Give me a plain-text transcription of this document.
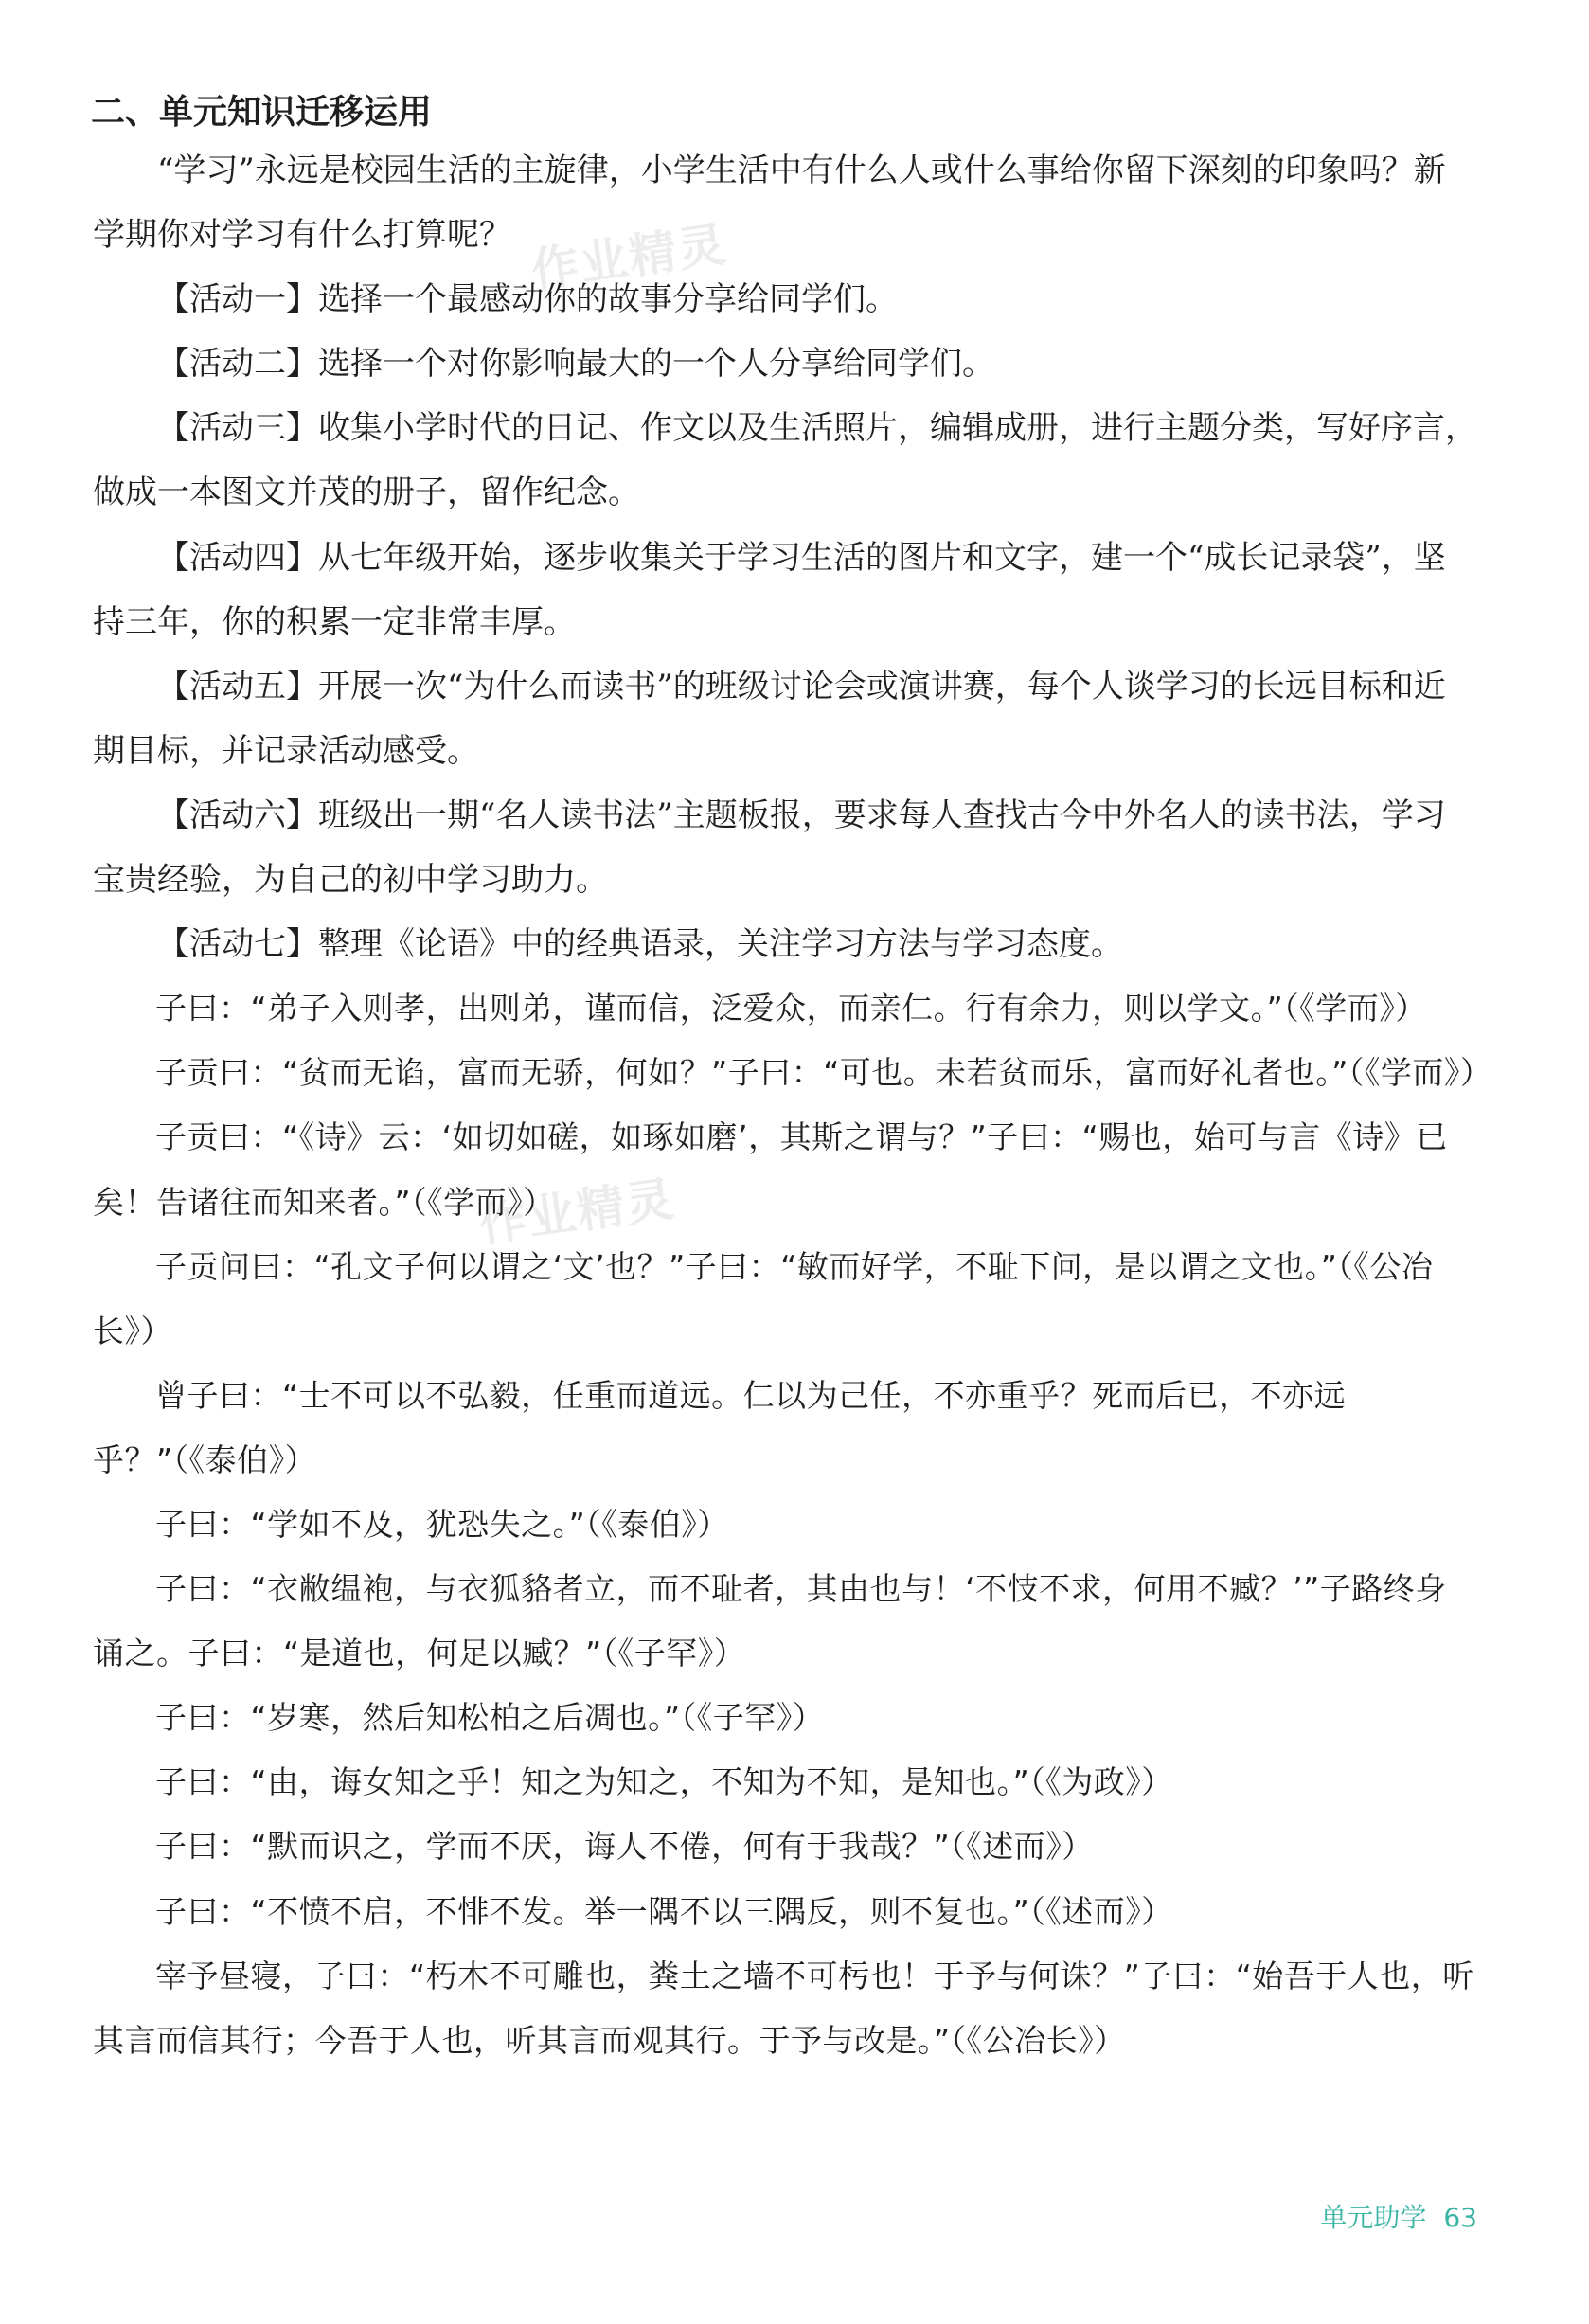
二、单元知识迁移运用
作业精灵
作业精灵

“学习”永远是校园生活的主旋律，小学生活中有什么人或什么事给你留下深刻的印象吗？新学期你对学习有什么打算呢？

【活动一】选择一个最感动你的故事分享给同学们。

【活动二】选择一个对你影响最大的一个人分享给同学们。

【活动三】收集小学时代的日记、作文以及生活照片，编辑成册，进行主题分类，写好序言，做成一本图文并茂的册子，留作纪念。

【活动四】从七年级开始，逐步收集关于学习生活的图片和文字，建一个“成长记录袋”，坚持三年，你的积累一定非常丰厚。

【活动五】开展一次“为什么而读书”的班级讨论会或演讲赛，每个人谈学习的长远目标和近期目标，并记录活动感受。

【活动六】班级出一期“名人读书法”主题板报，要求每人查找古今中外名人的读书法，学习宝贵经验，为自己的初中学习助力。

【活动七】整理《论语》中的经典语录，关注学习方法与学习态度。

子曰：“弟子入则孝，出则弟，谨而信，泛爱众，而亲仁。行有余力，则以学文。”（《学而》）

子贡曰：“贫而无谄，富而无骄，何如？”子曰：“可也。未若贫而乐，富而好礼者也。”（《学而》）

子贡曰：“《诗》云：‘如切如磋，如琢如磨’，其斯之谓与？”子曰：“赐也，始可与言《诗》已矣！告诸往而知来者。”（《学而》）

子贡问曰：“孔文子何以谓之‘文’也？”子曰：“敏而好学，不耻下问，是以谓之文也。”（《公冶长》）

曾子曰：“士不可以不弘毅，任重而道远。仁以为己任，不亦重乎？死而后已，不亦远乎？”（《泰伯》）

子曰：“学如不及，犹恐失之。”（《泰伯》）

子曰：“衣敝缊袍，与衣狐貉者立，而不耻者，其由也与！‘不忮不求，何用不臧？’”子路终身诵之。子曰：“是道也，何足以臧？”（《子罕》）

子曰：“岁寒，然后知松柏之后凋也。”（《子罕》）

子曰：“由，诲女知之乎！知之为知之，不知为不知，是知也。”（《为政》）

子曰：“默而识之，学而不厌，诲人不倦，何有于我哉？”（《述而》）

子曰：“不愤不启，不悱不发。举一隅不以三隅反，则不复也。”（《述而》）

宰予昼寝，子曰：“朽木不可雕也，粪土之墙不可杇也！于予与何诛？”子曰：“始吾于人也，听其言而信其行；今吾于人也，听其言而观其行。于予与改是。”（《公冶长》）

单元助学 63
